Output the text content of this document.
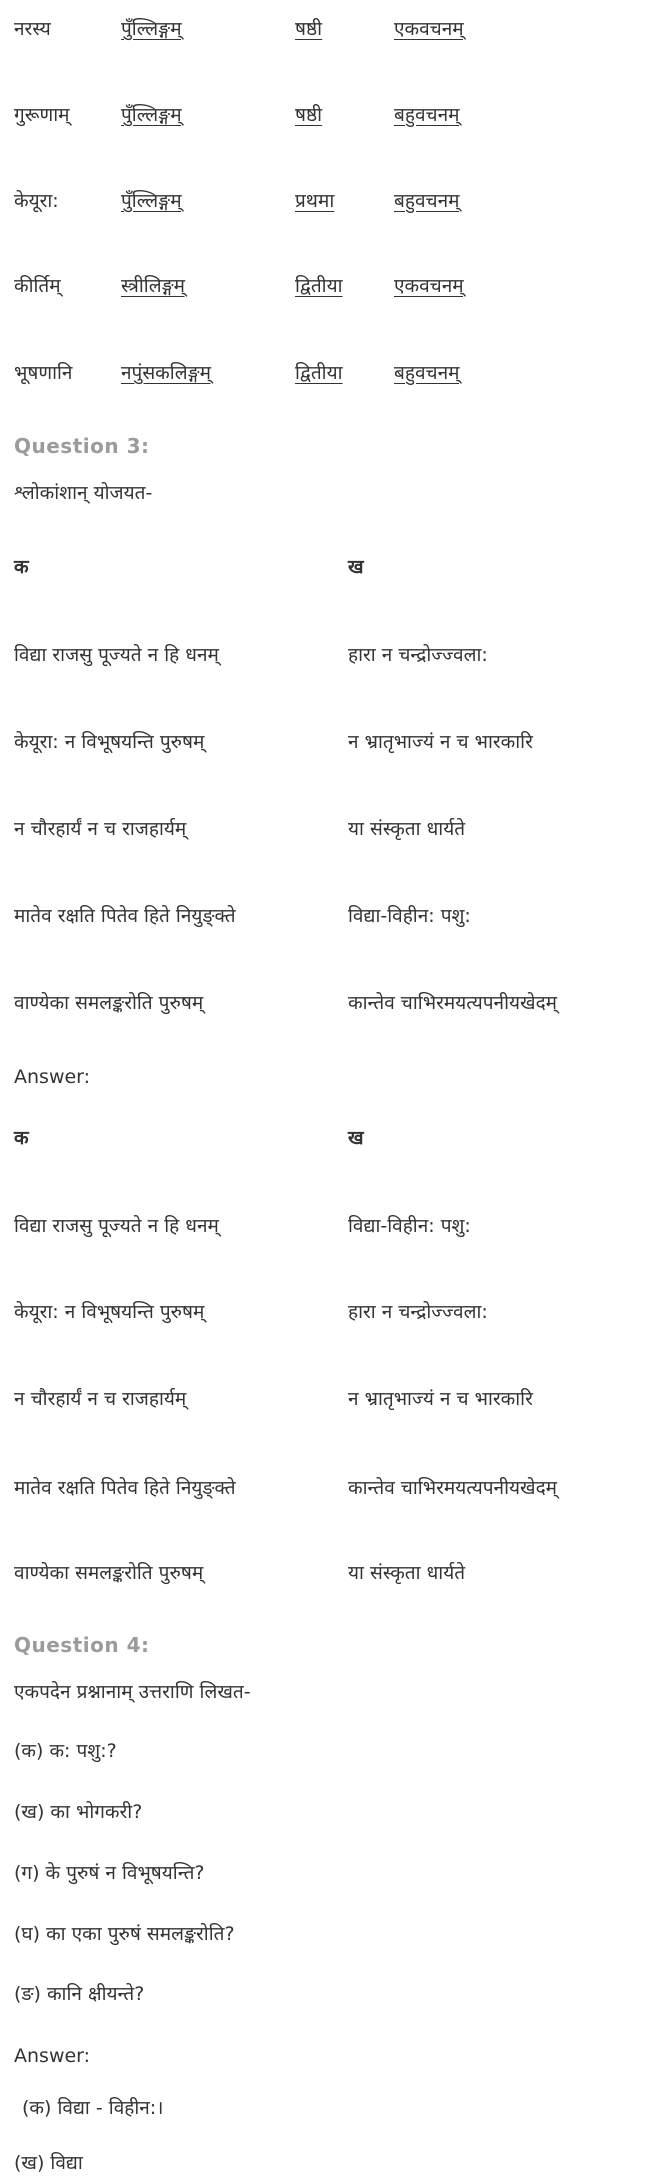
नरस्य	पुँल्लिङ्गम्	षष्ठी	एकवचनम्
गुरूणाम्	पुँल्लिङ्गम्	षष्ठी	बहुवचनम्
केयूरा:	पुँल्लिङ्गम्	प्रथमा	बहुवचनम्
कीर्तिम्	स्त्रीलिङ्गम्	द्वितीया	एकवचनम्
भूषणानि	नपुंसकलिङ्गम्	द्वितीया	बहुवचनम्
Question 3:
श्लोकांशान् योजयत-
क	ख
विद्या राजसु पूज्यते न हि धनम्	हारा न चन्द्रोज्ज्वला:
केयूरा: न विभूषयन्ति पुरुषम्	न भ्रातृभाज्यं न च भारकारि
न चौरहार्यं न च राजहार्यम्	या संस्कृता धार्यते
मातेव रक्षति पितेव हिते नियुङ्क्ते	विद्या-विहीन: पशु:
वाण्येका समलङ्करोति पुरुषम्	कान्तेव चाभिरमयत्यपनीयखेदम्
Answer:
क	ख
विद्या राजसु पूज्यते न हि धनम्	विद्या-विहीन: पशु:
केयूरा: न विभूषयन्ति पुरुषम्	हारा न चन्द्रोज्ज्वला:
न चौरहार्यं न च राजहार्यम्	न भ्रातृभाज्यं न च भारकारि
मातेव रक्षति पितेव हिते नियुङ्क्ते	कान्तेव चाभिरमयत्यपनीयखेदम्
वाण्येका समलङ्करोति पुरुषम्	या संस्कृता धार्यते
Question 4:
एकपदेन प्रश्नानाम् उत्तराणि लिखत-
(क) क: पशु:?
(ख) का भोगकरी?
(ग) के पुरुषं न विभूषयन्ति?
(घ) का एका पुरुषं समलङ्करोति?
(ङ) कानि क्षीयन्ते?
Answer:
(क) विद्या - विहीन:।
(ख) विद्या
